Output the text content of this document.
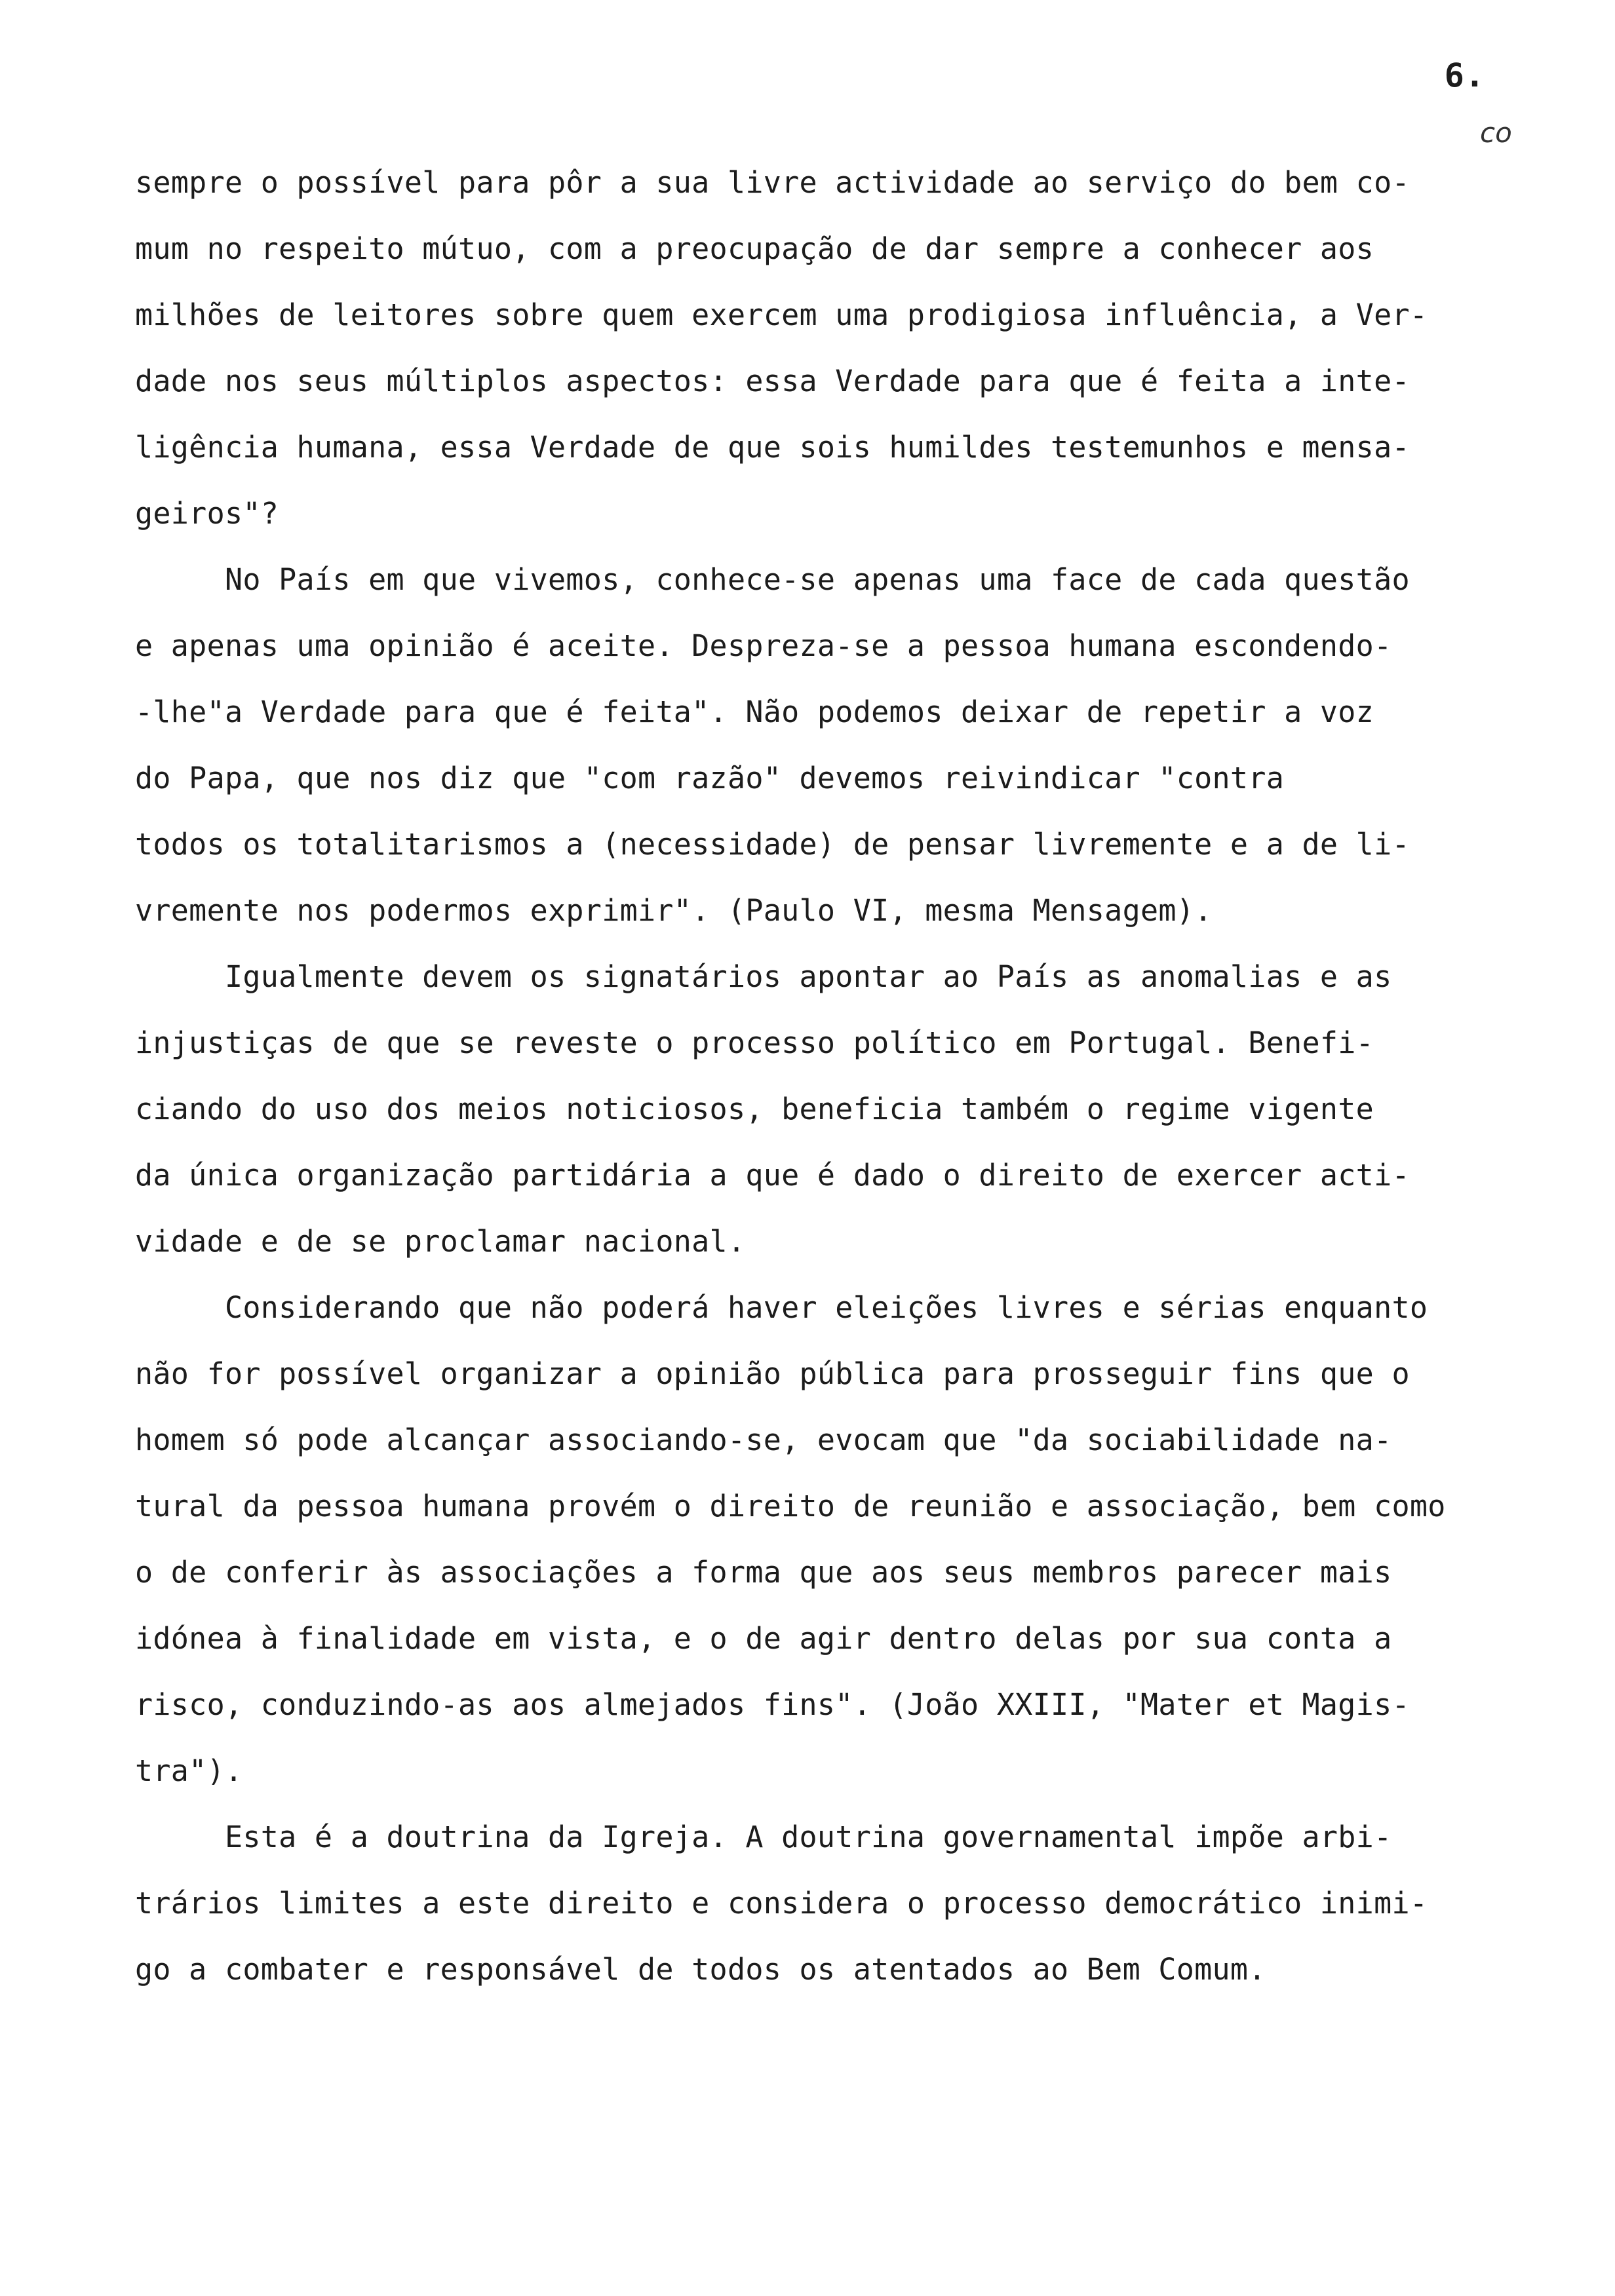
6.
co
sempre o possível para pôr a sua livre actividade ao serviço do bem co-
mum no respeito mútuo, com a preocupação de dar sempre a conhecer aos
milhões de leitores sobre quem exercem uma prodigiosa influência, a Ver-
dade nos seus múltiplos aspectos: essa Verdade para que é feita a inte-
ligência humana, essa Verdade de que sois humildes testemunhos e mensa-
geiros"?
No País em que vivemos, conhece-se apenas uma face de cada questão
e apenas uma opinião é aceite. Despreza-se a pessoa humana escondendo-
-lhe"a Verdade para que é feita". Não podemos deixar de repetir a voz
do Papa, que nos diz que "com razão" devemos reivindicar "contra
todos os totalitarismos a (necessidade) de pensar livremente e a de li-
vremente nos podermos exprimir". (Paulo VI, mesma Mensagem).
Igualmente devem os signatários apontar ao País as anomalias e as
injustiças de que se reveste o processo político em Portugal. Benefi-
ciando do uso dos meios noticiosos, beneficia também o regime vigente
da única organização partidária a que é dado o direito de exercer acti-
vidade e de se proclamar nacional.
Considerando que não poderá haver eleições livres e sérias enquanto
não for possível organizar a opinião pública para prosseguir fins que o
homem só pode alcançar associando-se, evocam que "da sociabilidade na-
tural da pessoa humana provém o direito de reunião e associação, bem como
o de conferir às associações a forma que aos seus membros parecer mais
idónea à finalidade em vista, e o de agir dentro delas por sua conta a
risco, conduzindo-as aos almejados fins". (João XXIII, "Mater et Magis-
tra").
Esta é a doutrina da Igreja. A doutrina governamental impõe arbi-
trários limites a este direito e considera o processo democrático inimi-
go a combater e responsável de todos os atentados ao Bem Comum.
